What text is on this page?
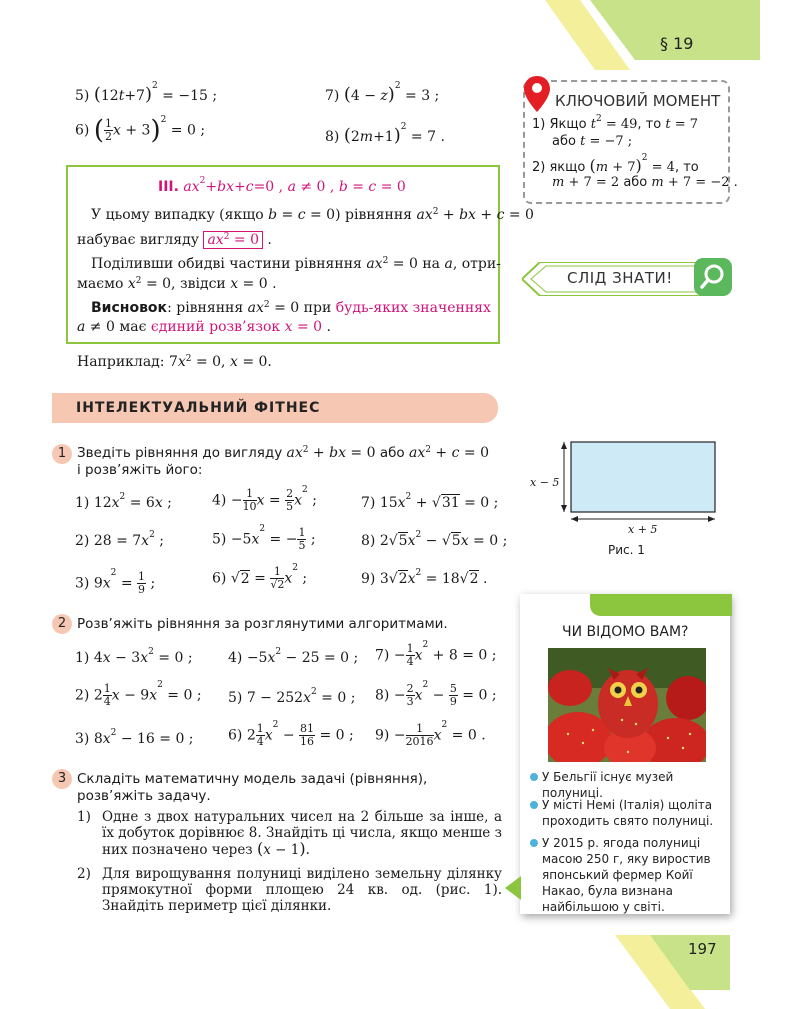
§ 19
5) $(12t+7)^2 = -15$ ;	7) $(4 - z)^2 = 3$ ;
6) ( $\frac{1}{2}$ x + 3)$^2$ = 0 ;	8) $(2m+1)^2 = 7$ .
КЛЮЧОВИЙ МОМЕНТ
1) Якщо $t^2 = 49$, то t = 7
або t = −7 ;
2) якщо $(m + 7)^2 = 4$, то
m + 7 = 2 або m + 7 = −2 .
III. $ax^2+bx+c=0$ , a ≠ 0 , b = c = 0
У цьому випадку (якщо b = c = 0) рівняння $ax^2$ + bx + c = 0
набуває вигляду $ax^2 = 0$ .
Поділивши обидві частини рівняння $ax^2 = 0$ на a, отри-
маємо $x^2 = 0$, звідси x = 0 .
Висновок: рівняння $ax^2 = 0$ при будь-яких значеннях
a ≠ 0 має єдиний розв’язок x = 0 .
Наприклад: $7x^2 = 0$, x = 0.
СЛІД ЗНАТИ!
ІНТЕЛЕКТУАЛЬНИЙ ФІТНЕС
1 Зведіть рівняння до вигляду $ax^2$ + bx = 0 або $ax^2 + c = 0$
і розв’яжіть його:
1) $12x^2 = 6x$ ;	$4) - \frac{1}{10}$ $x = \frac{2}{5} x^2$ ;	7) $15x^2 + √31 = 0$ ;
2) $28 = 7x^2$ ;	$5) -5x^2$ = − $\frac{1}{5}$ ;	8) $2√5x^2 - √5x = 0$ ;
3) $9x^2 = \frac{1}{9}$ ;	6) $√2 = \frac{1}{√2} x^2$ ;	9) $3√2x^2 = 18√2$ .
2 Розв’яжіть рівняння за розглянутими алгоритмами.
1) $4x - 3x^2 = 0$ ;	$4) -5x^2 - 25 = 0$ ; $7) - \frac{1}{4} x^2 + 8 = 0$ ;
2) $2 \frac{1}{4}$ $x - 9x^2 = 0$ ; 5) $7 - 252x^2 = 0$ ; $8) - \frac{2}{3} x^2 - \frac{5}{9} = 0$ ;
3) $8x^2 - 16 = 0$ ; 6) $2 \frac{1}{4} x^2 - \frac{81}{16} = 0$ ; $9) - \frac{1}{2016} x^2 = 0$ .
3 Складіть математичну модель задачі (рівняння), розв’яжіть задачу.
1) Одне з двох натуральних чисел на 2 більше за інше, а їх добуток дорівнює 8. Знайдіть ці числа, якщо менше з них позначено через (x − 1).
2) Для вирощування полуниці виділено земельну ділянку прямокутної форми площею 24 кв. од. (рис. 1). Знайдіть периметр цієї ділянки.
x − 5
x + 5
Рис. 1
ЧИ ВІДОМО ВАМ?
У Бельгії існує музей полуниці.
У місті Немі (Італія) щоліта проходить свято полуниці.
У 2015 р. ягода полуниці масою 250 г, яку виростив японський фермер Койї Накао, була визнана найбільшою у світі.
197
